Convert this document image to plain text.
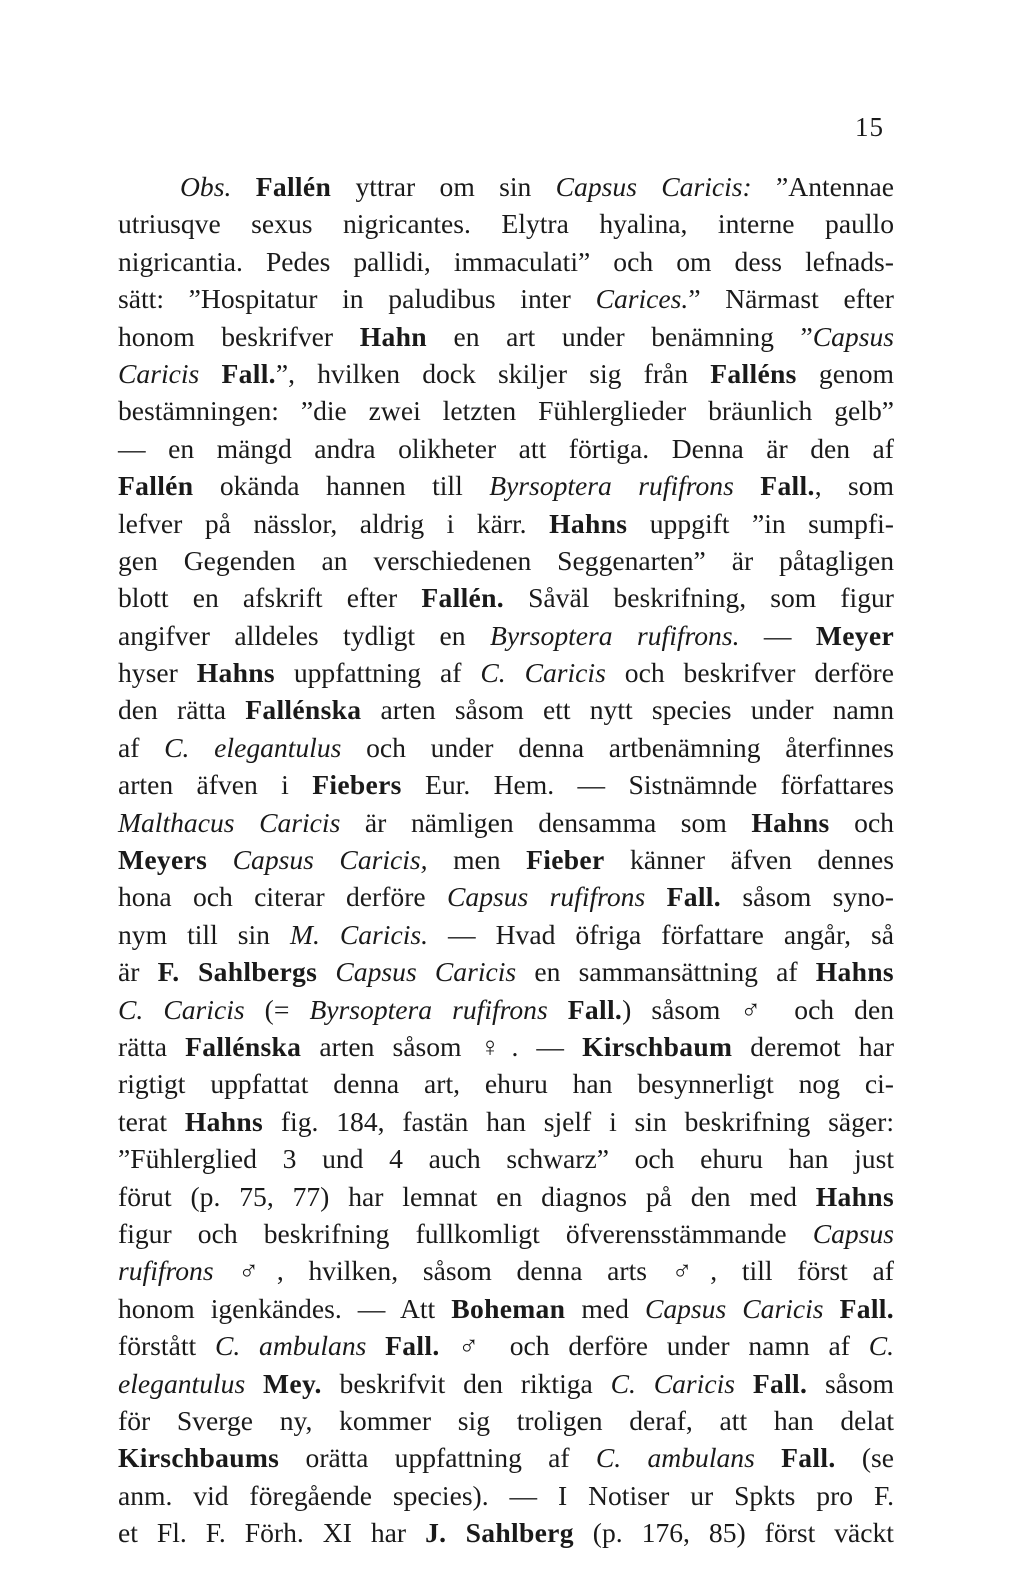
15
Obs. Fallén yttrar om sin Capsus Caricis: ”Antennae
utriusqve sexus nigricantes. Elytra hyalina, interne paullo
nigricantia. Pedes pallidi, immaculati” och om dess lefnads-
sätt: ”Hospitatur in paludibus inter Carices.” Närmast efter
honom beskrifver Hahn en art under benämning ”Capsus
Caricis Fall.”, hvilken dock skiljer sig från Falléns genom
bestämningen: ”die zwei letzten Fühlerglieder bräunlich gelb”
— en mängd andra olikheter att förtiga. Denna är den af
Fallén okända hannen till Byrsoptera rufifrons Fall., som
lefver på nässlor, aldrig i kärr. Hahns uppgift ”in sumpfi-
gen Gegenden an verschiedenen Seggenarten” är påtagligen
blott en afskrift efter Fallén. Såväl beskrifning, som figur
angifver alldeles tydligt en Byrsoptera rufifrons. — Meyer
hyser Hahns uppfattning af C. Caricis och beskrifver derföre
den rätta Fallénska arten såsom ett nytt species under namn
af C. elegantulus och under denna artbenämning återfinnes
arten äfven i Fiebers Eur. Hem. — Sistnämnde författares
Malthacus Caricis är nämligen densamma som Hahns och
Meyers Capsus Caricis, men Fieber känner äfven dennes
hona och citerar derföre Capsus rufifrons Fall. såsom syno-
nym till sin M. Caricis. — Hvad öfriga författare angår, så
är F. Sahlbergs Capsus Caricis en sammansättning af Hahns
C. Caricis (= Byrsoptera rufifrons Fall.) såsom ♂ och den
rätta Fallénska arten såsom ♀. — Kirschbaum deremot har
rigtigt uppfattat denna art, ehuru han besynnerligt nog ci-
terat Hahns fig. 184, fastän han sjelf i sin beskrifning säger:
”Fühlerglied 3 und 4 auch schwarz” och ehuru han just
förut (p. 75, 77) har lemnat en diagnos på den med Hahns
figur och beskrifning fullkomligt öfverensstämmande Capsus
rufifrons ♂, hvilken, såsom denna arts ♂, till först af
honom igenkändes. — Att Boheman med Capsus Caricis Fall.
förstått C. ambulans Fall. ♂ och derföre under namn af C.
elegantulus Mey. beskrifvit den riktiga C. Caricis Fall. såsom
för Sverge ny, kommer sig troligen deraf, att han delat
Kirschbaums orätta uppfattning af C. ambulans Fall. (se
anm. vid föregående species). — I Notiser ur Spkts pro F.
et Fl. F. Förh. XI har J. Sahlberg (p. 176, 85) först väckt
